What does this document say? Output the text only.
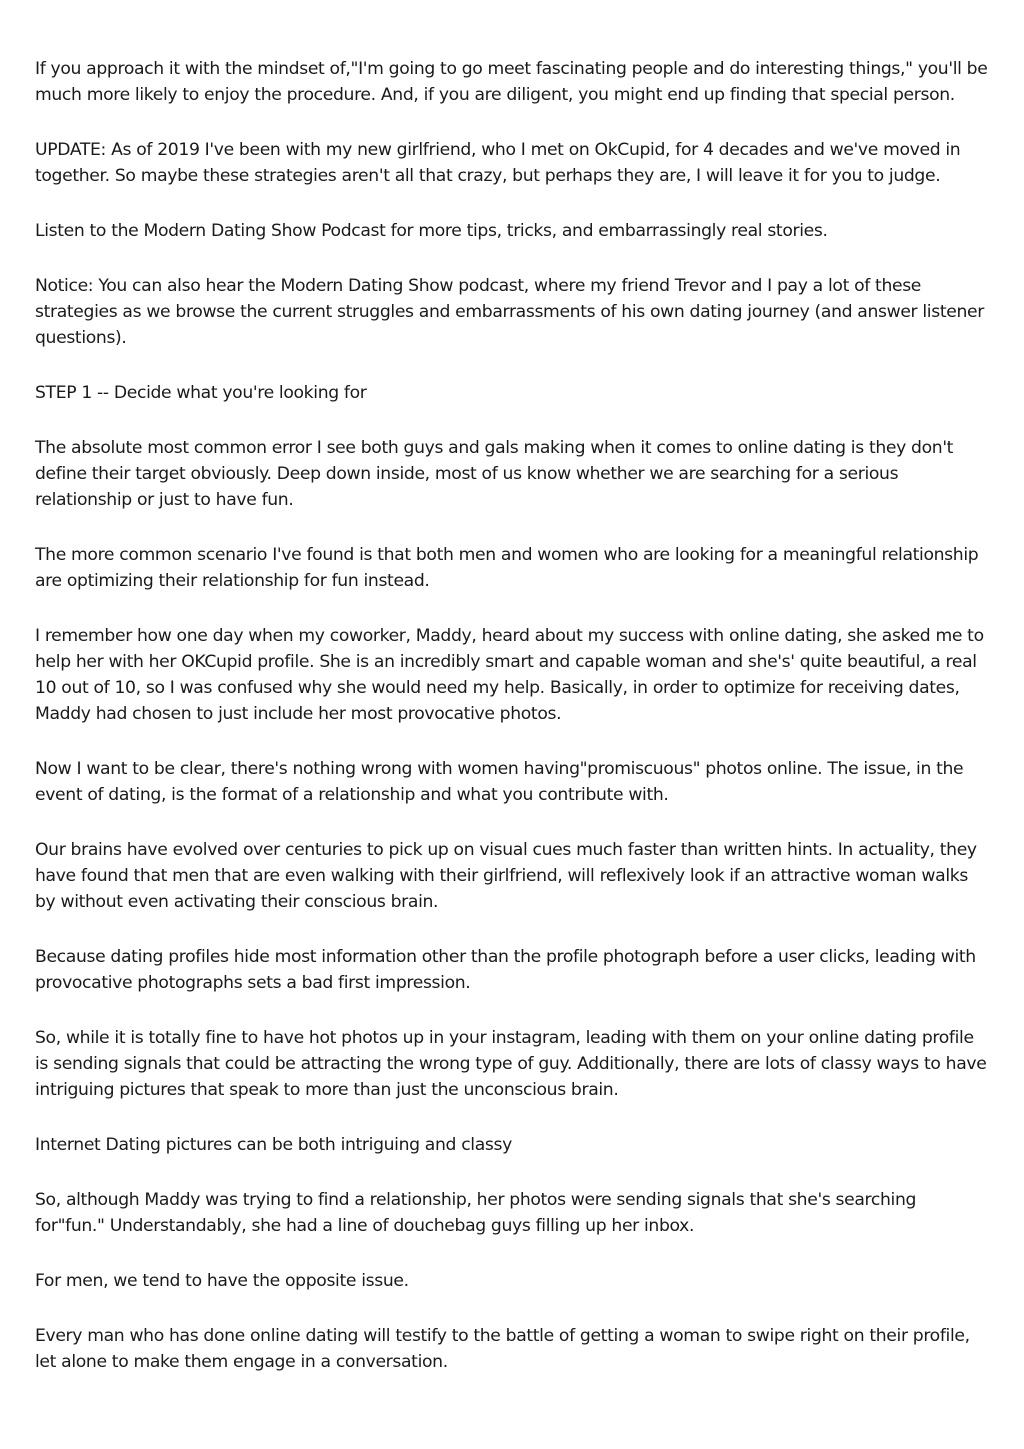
If you approach it with the mindset of,"I'm going to go meet fascinating people and do interesting things," you'll be much more likely to enjoy the procedure. And, if you are diligent, you might end up finding that special person.

UPDATE: As of 2019 I've been with my new girlfriend, who I met on OkCupid, for 4 decades and we've moved in together. So maybe these strategies aren't all that crazy, but perhaps they are, I will leave it for you to judge.

Listen to the Modern Dating Show Podcast for more tips, tricks, and embarrassingly real stories.

Notice: You can also hear the Modern Dating Show podcast, where my friend Trevor and I pay a lot of these strategies as we browse the current struggles and embarrassments of his own dating journey (and answer listener questions).

STEP 1 -- Decide what you're looking for

The absolute most common error I see both guys and gals making when it comes to online dating is they don't define their target obviously. Deep down inside, most of us know whether we are searching for a serious relationship or just to have fun.

The more common scenario I've found is that both men and women who are looking for a meaningful relationship are optimizing their relationship for fun instead.

I remember how one day when my coworker, Maddy, heard about my success with online dating, she asked me to help her with her OKCupid profile. She is an incredibly smart and capable woman and she's' quite beautiful, a real 10 out of 10, so I was confused why she would need my help. Basically, in order to optimize for receiving dates, Maddy had chosen to just include her most provocative photos.

Now I want to be clear, there's nothing wrong with women having"promiscuous" photos online. The issue, in the event of dating, is the format of a relationship and what you contribute with.

Our brains have evolved over centuries to pick up on visual cues much faster than written hints. In actuality, they have found that men that are even walking with their girlfriend, will reflexively look if an attractive woman walks by without even activating their conscious brain.

Because dating profiles hide most information other than the profile photograph before a user clicks, leading with provocative photographs sets a bad first impression.

So, while it is totally fine to have hot photos up in your instagram, leading with them on your online dating profile is sending signals that could be attracting the wrong type of guy. Additionally, there are lots of classy ways to have intriguing pictures that speak to more than just the unconscious brain.

Internet Dating pictures can be both intriguing and classy

So, although Maddy was trying to find a relationship, her photos were sending signals that she's searching for"fun." Understandably, she had a line of douchebag guys filling up her inbox.

For men, we tend to have the opposite issue.

Every man who has done online dating will testify to the battle of getting a woman to swipe right on their profile, let alone to make them engage in a conversation.
